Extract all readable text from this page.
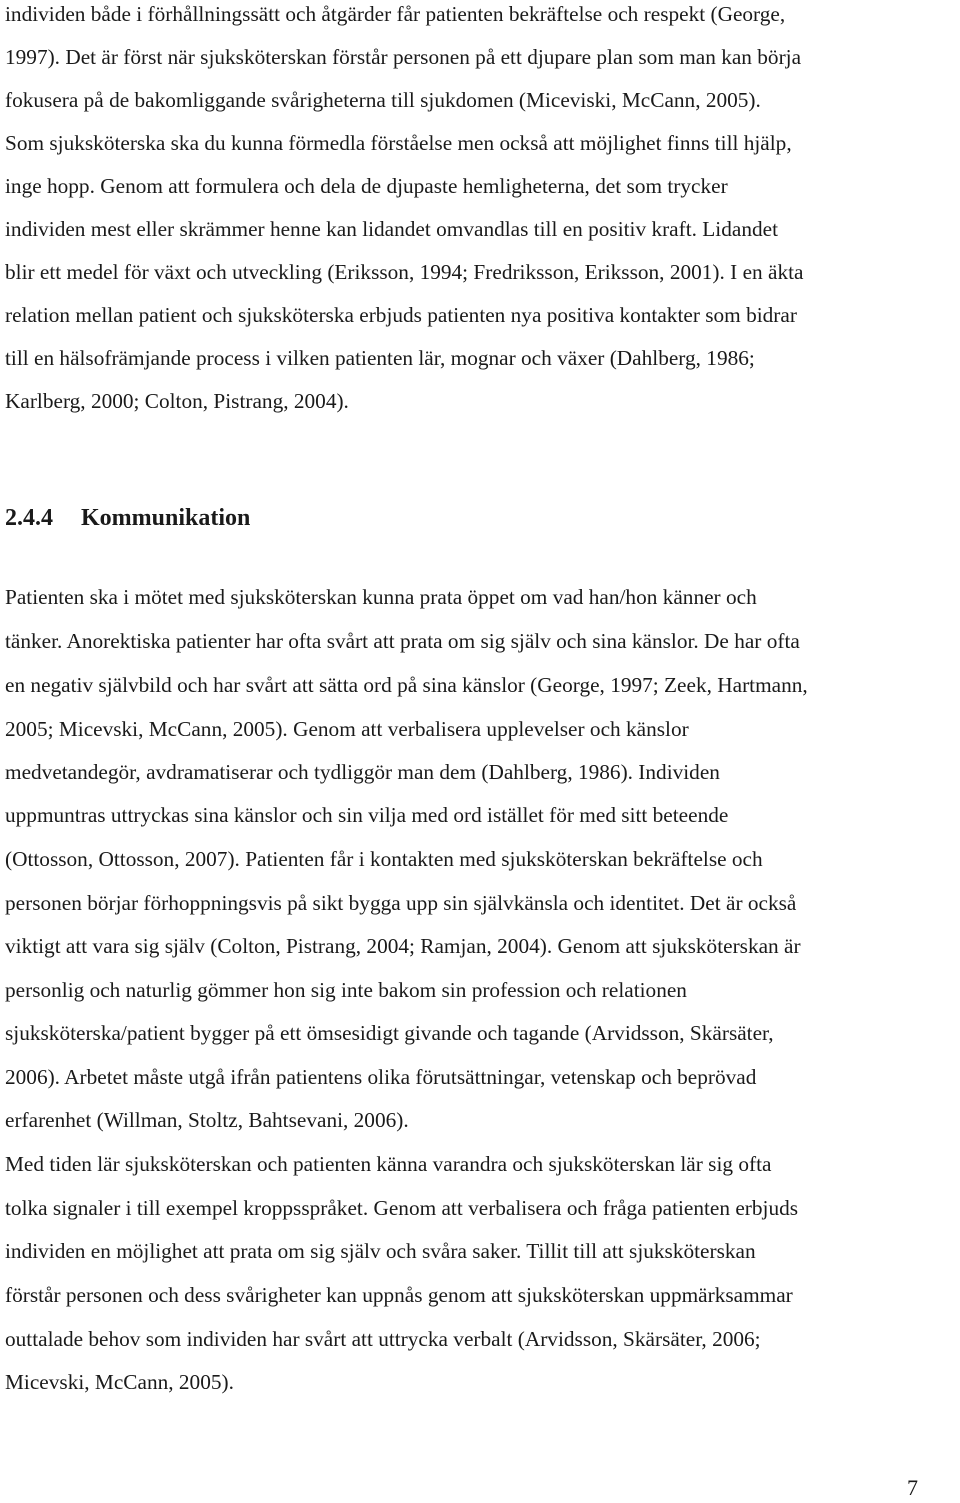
individen både i förhållningssätt och åtgärder får patienten bekräftelse och respekt (George,
1997). Det är först när sjuksköterskan förstår personen på ett djupare plan som man kan börja
fokusera på de bakomliggande svårigheterna till sjukdomen (Miceviski, McCann, 2005).
Som sjuksköterska ska du kunna förmedla förståelse men också att möjlighet finns till hjälp,
inge hopp. Genom att formulera och dela de djupaste hemligheterna, det som trycker
individen mest eller skrämmer henne kan lidandet omvandlas till en positiv kraft. Lidandet
blir ett medel för växt och utveckling (Eriksson, 1994; Fredriksson, Eriksson, 2001). I en äkta
relation mellan patient och sjuksköterska erbjuds patienten nya positiva kontakter som bidrar
till en hälsofrämjande process i vilken patienten lär, mognar och växer (Dahlberg, 1986;
Karlberg, 2000; Colton, Pistrang, 2004).
2.4.4 Kommunikation
Patienten ska i mötet med sjuksköterskan kunna prata öppet om vad han/hon känner och
tänker. Anorektiska patienter har ofta svårt att prata om sig själv och sina känslor. De har ofta
en negativ självbild och har svårt att sätta ord på sina känslor (George, 1997; Zeek, Hartmann,
2005; Micevski, McCann, 2005). Genom att verbalisera upplevelser och känslor
medvetandegör, avdramatiserar och tydliggör man dem (Dahlberg, 1986). Individen
uppmuntras uttryckas sina känslor och sin vilja med ord istället för med sitt beteende
(Ottosson, Ottosson, 2007). Patienten får i kontakten med sjuksköterskan bekräftelse och
personen börjar förhoppningsvis på sikt bygga upp sin självkänsla och identitet. Det är också
viktigt att vara sig själv (Colton, Pistrang, 2004; Ramjan, 2004). Genom att sjuksköterskan är
personlig och naturlig gömmer hon sig inte bakom sin profession och relationen
sjuksköterska/patient bygger på ett ömsesidigt givande och tagande (Arvidsson, Skärsäter,
2006). Arbetet måste utgå ifrån patientens olika förutsättningar, vetenskap och beprövad
erfarenhet (Willman, Stoltz, Bahtsevani, 2006).
Med tiden lär sjuksköterskan och patienten känna varandra och sjuksköterskan lär sig ofta
tolka signaler i till exempel kroppsspråket. Genom att verbalisera och fråga patienten erbjuds
individen en möjlighet att prata om sig själv och svåra saker. Tillit till att sjuksköterskan
förstår personen och dess svårigheter kan uppnås genom att sjuksköterskan uppmärksammar
outtalade behov som individen har svårt att uttrycka verbalt (Arvidsson, Skärsäter, 2006;
Micevski, McCann, 2005).
7
